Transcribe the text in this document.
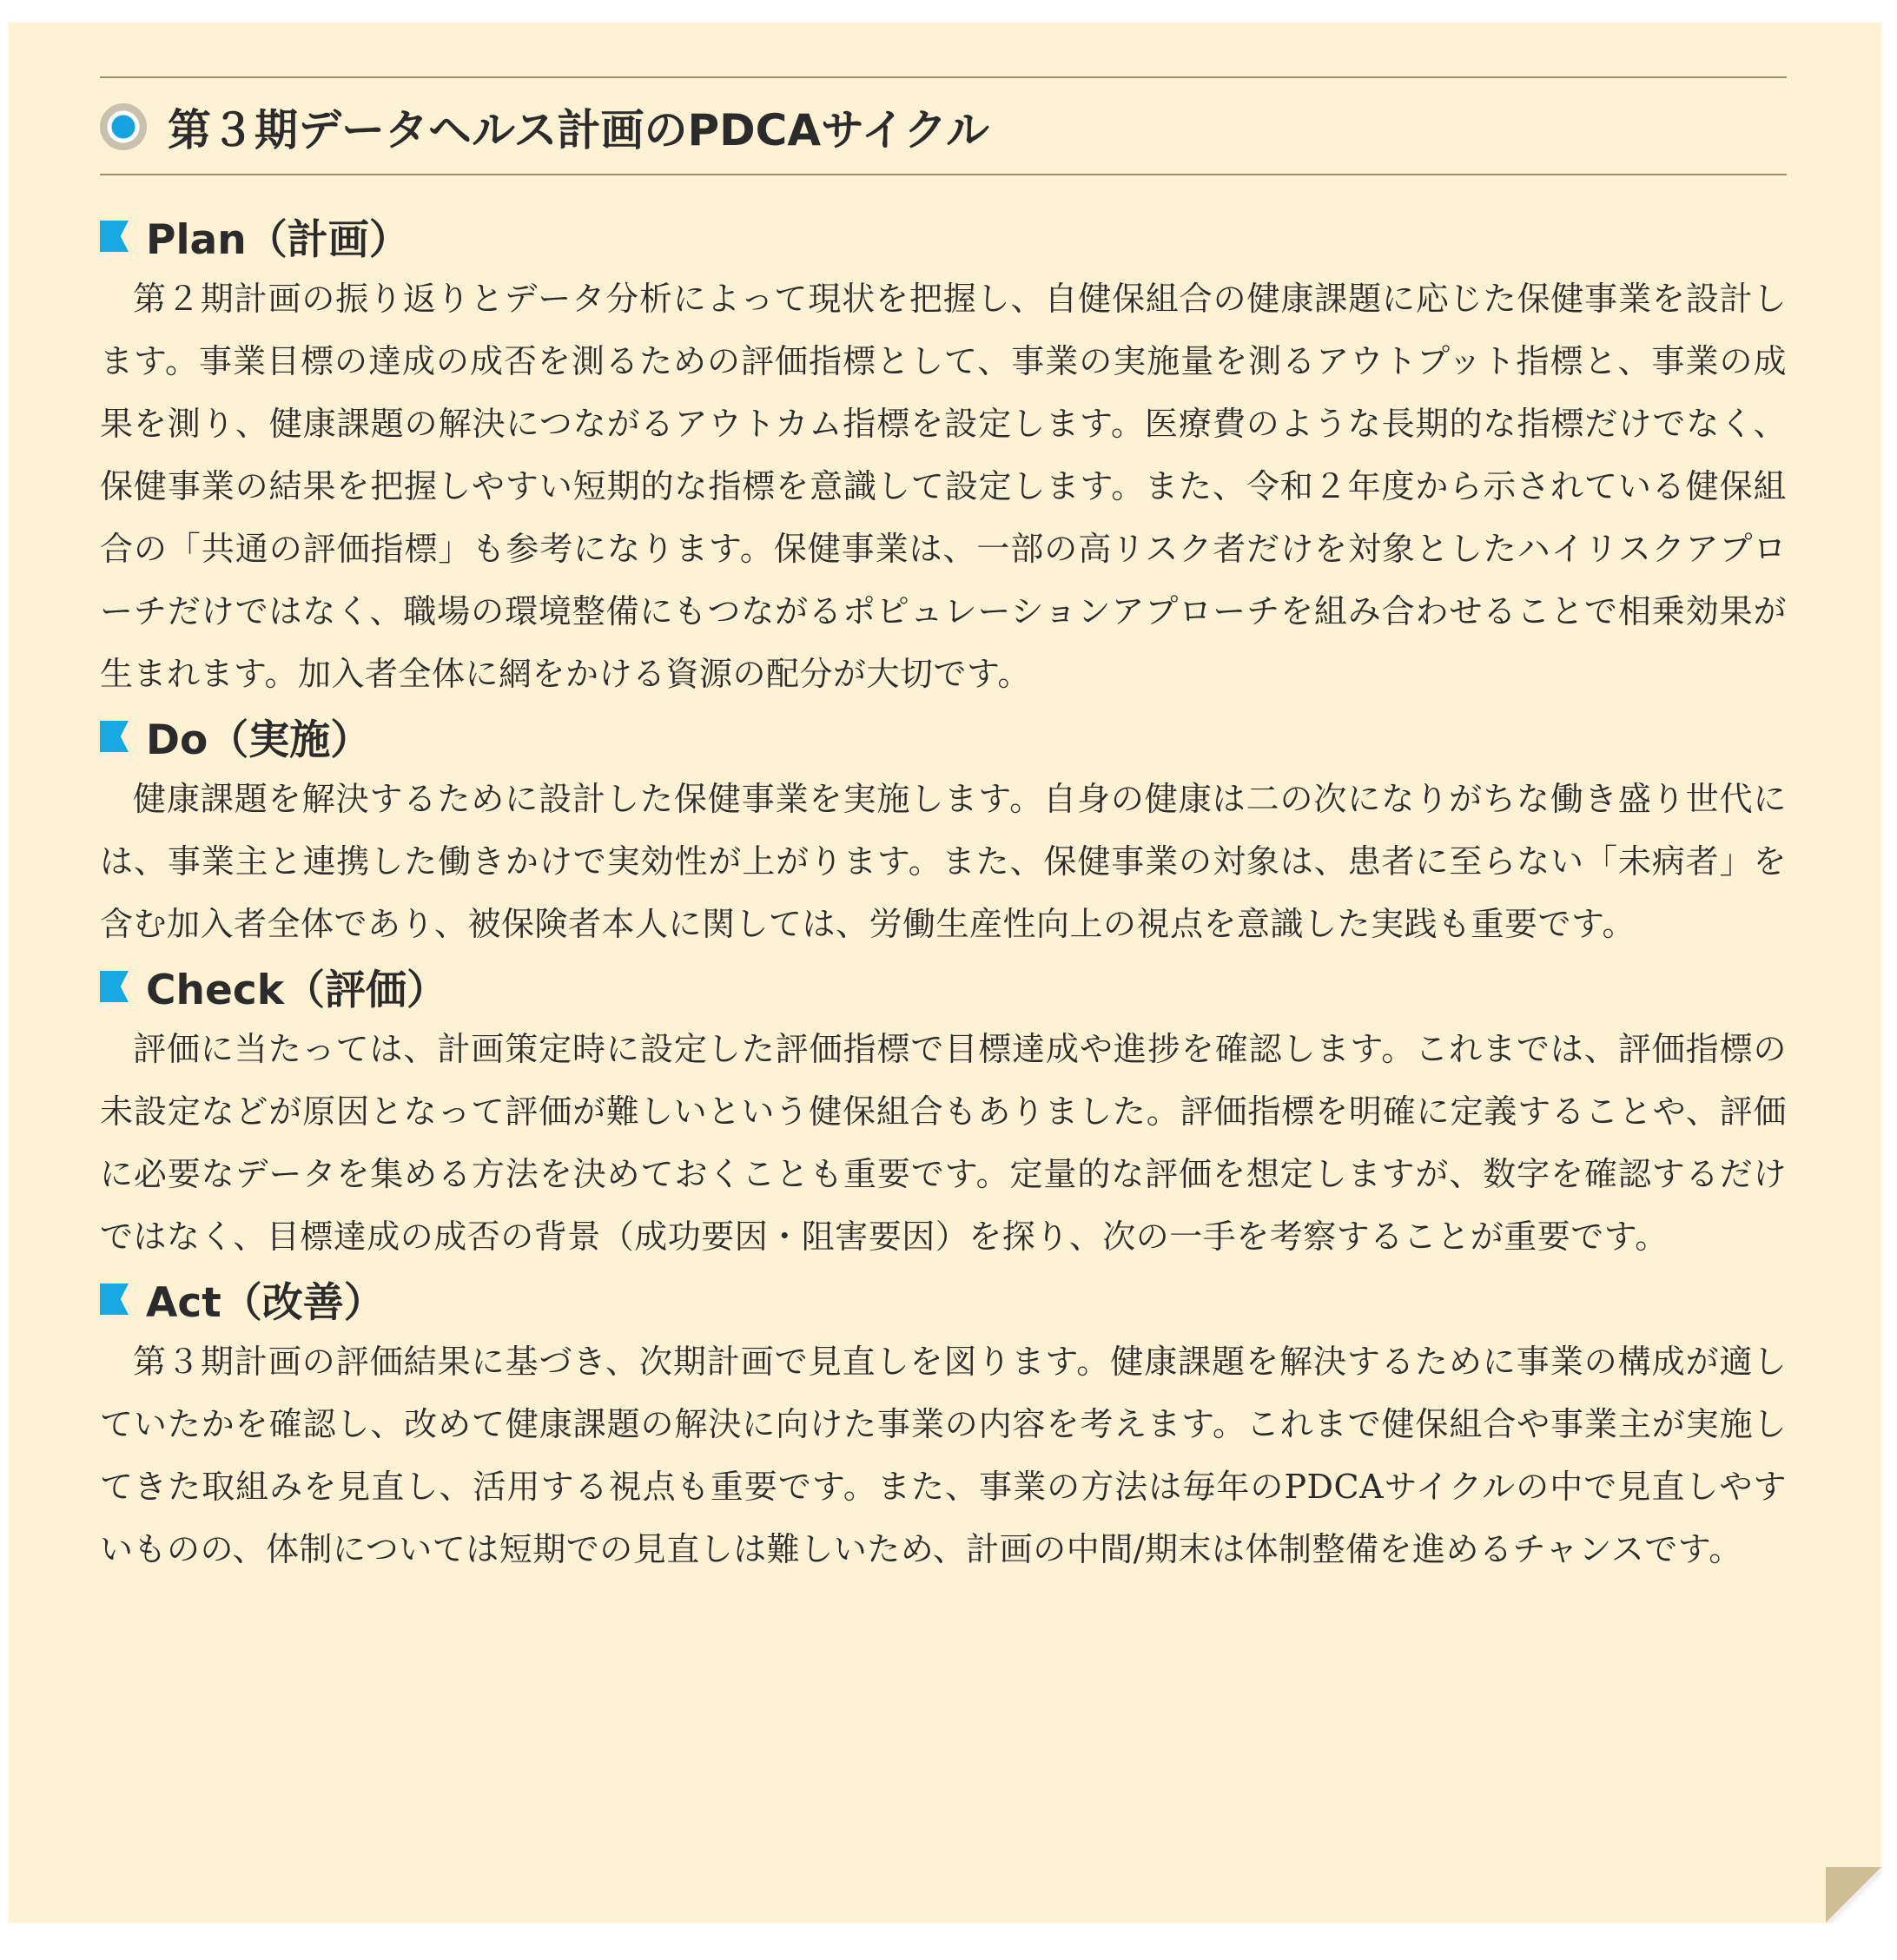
第３期データヘルス計画のPDCAサイクル
Plan（計画）

第２期計画の振り返りとデータ分析によって現状を把握し、自健保組合の健康課題に応じた保健事業を設計します。事業目標の達成の成否を測るための評価指標として、事業の実施量を測るアウトプット指標と、事業の成果を測り、健康課題の解決につながるアウトカム指標を設定します。医療費のような長期的な指標だけでなく、保健事業の結果を把握しやすい短期的な指標を意識して設定します。また、令和２年度から示されている健保組合の「共通の評価指標」も参考になります。保健事業は、一部の高リスク者だけを対象としたハイリスクアプローチだけではなく、職場の環境整備にもつながるポピュレーションアプローチを組み合わせることで相乗効果が生まれます。加入者全体に網をかける資源の配分が大切です。

Do（実施）

健康課題を解決するために設計した保健事業を実施します。自身の健康は二の次になりがちな働き盛り世代には、事業主と連携した働きかけで実効性が上がります。また、保健事業の対象は、患者に至らない「未病者」を含む加入者全体であり、被保険者本人に関しては、労働生産性向上の視点を意識した実践も重要です。

Check（評価）

評価に当たっては、計画策定時に設定した評価指標で目標達成や進捗を確認します。これまでは、評価指標の未設定などが原因となって評価が難しいという健保組合もありました。評価指標を明確に定義することや、評価に必要なデータを集める方法を決めておくことも重要です。定量的な評価を想定しますが、数字を確認するだけではなく、目標達成の成否の背景（成功要因・阻害要因）を探り、次の一手を考察することが重要です。

Act（改善）

第３期計画の評価結果に基づき、次期計画で見直しを図ります。健康課題を解決するために事業の構成が適していたかを確認し、改めて健康課題の解決に向けた事業の内容を考えます。これまで健保組合や事業主が実施してきた取組みを見直し、活用する視点も重要です。また、事業の方法は毎年のPDCAサイクルの中で見直しやすいものの、体制については短期での見直しは難しいため、計画の中間/期末は体制整備を進めるチャンスです。
